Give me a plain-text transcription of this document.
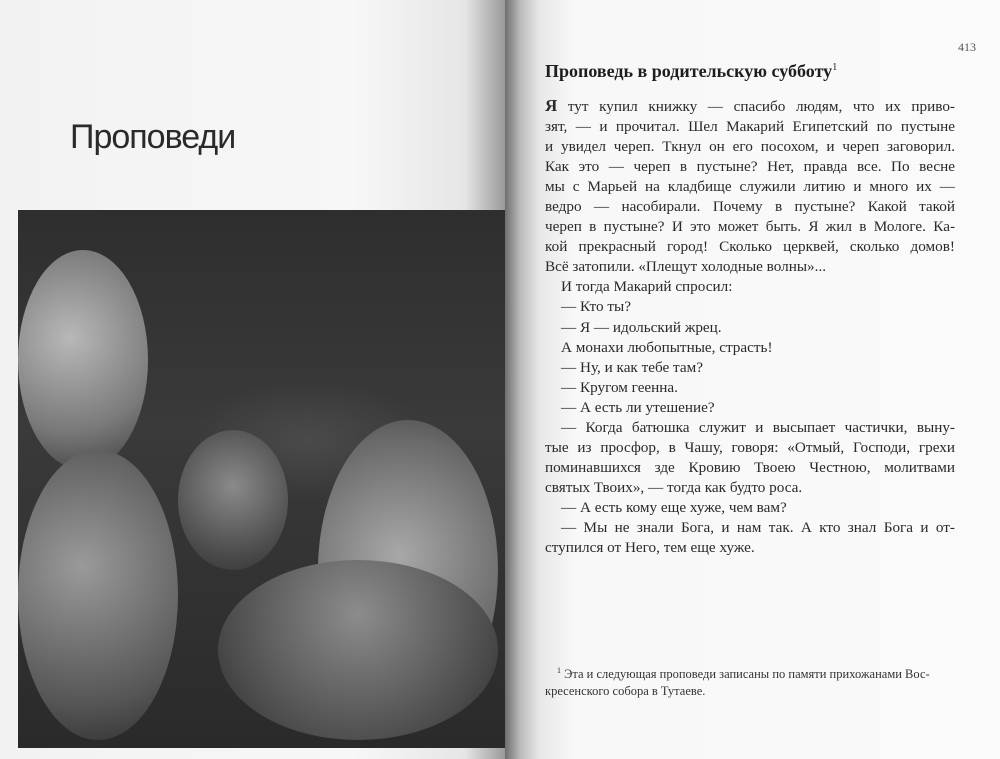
Проповеди
413
Проповедь в родительскую субботу$^1$
Я тут купил книжку — спасибо людям, что их приво-
зят, — и прочитал. Шел Макарий Египетский по пустыне
и увидел череп. Ткнул он его посохом, и череп заговорил.
Как это — череп в пустыне? Нет, правда все. По весне
мы с Марьей на кладбище служили литию и много их —
ведро — насобирали. Почему в пустыне? Какой такой
череп в пустыне? И это может быть. Я жил в Мологе. Ка-
кой прекрасный город! Сколько церквей, сколько домов!
Всё затопили. «Плещут холодные волны»...
И тогда Макарий спросил:
— Кто ты?
— Я — идольский жрец.
А монахи любопытные, страсть!
— Ну, и как тебе там?
— Кругом геенна.
— А есть ли утешение?
— Когда батюшка служит и высыпает частички, выну-
тые из просфор, в Чашу, говоря: «Отмый, Господи, грехи
поминавшихся зде Кровию Твоею Честною, молитвами
святых Твоих», — тогда как будто роса.
— А есть кому еще хуже, чем вам?
— Мы не знали Бога, и нам так. А кто знал Бога и от-
ступился от Него, тем еще хуже.
$^1$ Эта и следующая проповеди записаны по памяти прихожанами Вос-
кресенского собора в Тутаеве.
